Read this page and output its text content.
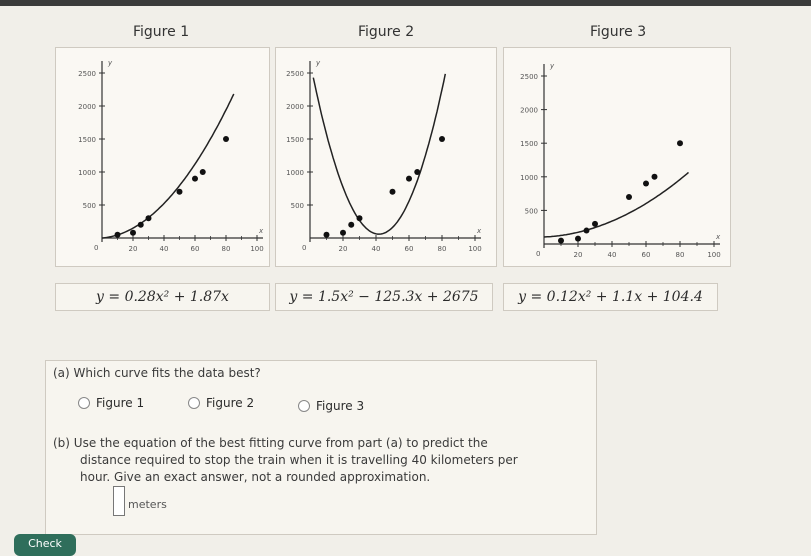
Figure 1	Figure 2	Figure 3
2500
2000
1500
1000
500
20	40	60	80	100
0
x
y
2500
2000
1500
1000
500
20	40	60	80	100
0
x
y
2500
2000
1500
1000
500
20	40	60	80	100
0
x
y
y = 0.28x² + 1.87x	y = 1.5x² − 125.3x + 2675	y = 0.12x² + 1.1x + 104.4
(a) Which curve fits the data best?
Figure 1	Figure 2	Figure 3
(b) Use the equation of the best fitting curve from part (a) to predict the
distance required to stop the train when it is travelling 40 kilometers per
hour. Give an exact answer, not a rounded approximation.
meters
Check
